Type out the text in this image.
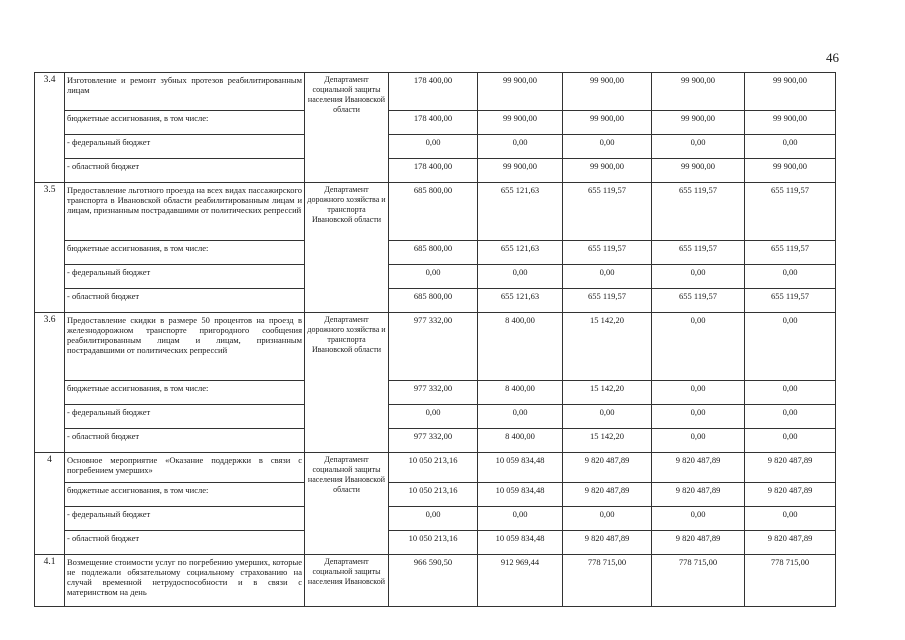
46
3.4	Изготовление и ремонт зубных протезов реабилитированным лицам	Департамент социальной защиты населения Ивановской области	178 400,00	99 900,00	99 900,00	99 900,00	99 900,00
	бюджетные ассигнования, в том числе:		178 400,00	99 900,00	99 900,00	99 900,00	99 900,00
	- федеральный бюджет		0,00	0,00	0,00	0,00	0,00
	- областной бюджет		178 400,00	99 900,00	99 900,00	99 900,00	99 900,00
3.5	Предоставление льготного проезда на всех видах пассажирского транспорта в Ивановской области реабилитированным лицам и лицам, признанным пострадавшими от политических репрессий	Департамент дорожного хозяйства и транспорта Ивановской области	685 800,00	655 121,63	655 119,57	655 119,57	655 119,57
	бюджетные ассигнования, в том числе:		685 800,00	655 121,63	655 119,57	655 119,57	655 119,57
	- федеральный бюджет		0,00	0,00	0,00	0,00	0,00
	- областной бюджет		685 800,00	655 121,63	655 119,57	655 119,57	655 119,57
3.6	Предоставление скидки в размере 50 процентов на проезд в железнодорожном транспорте пригородного сообщения реабилитированным лицам и лицам, признанным пострадавшими от политических репрессий	Департамент дорожного хозяйства и транспорта Ивановской области	977 332,00	8 400,00	15 142,20	0,00	0,00
	бюджетные ассигнования, в том числе:		977 332,00	8 400,00	15 142,20	0,00	0,00
	- федеральный бюджет		0,00	0,00	0,00	0,00	0,00
	- областной бюджет		977 332,00	8 400,00	15 142,20	0,00	0,00
4	Основное мероприятие «Оказание поддержки в связи с погребением умерших»	Департамент социальной защиты населения Ивановской области	10 050 213,16	10 059 834,48	9 820 487,89	9 820 487,89	9 820 487,89
	бюджетные ассигнования, в том числе:		10 050 213,16	10 059 834,48	9 820 487,89	9 820 487,89	9 820 487,89
	- федеральный бюджет		0,00	0,00	0,00	0,00	0,00
	- областной бюджет		10 050 213,16	10 059 834,48	9 820 487,89	9 820 487,89	9 820 487,89
4.1	Возмещение стоимости услуг по погребению умерших, которые не подлежали обязательному социальному страхованию на случай временной нетрудоспособности и в связи с материнством на день	Департамент социальной защиты населения Ивановской	966 590,50	912 969,44	778 715,00	778 715,00	778 715,00
